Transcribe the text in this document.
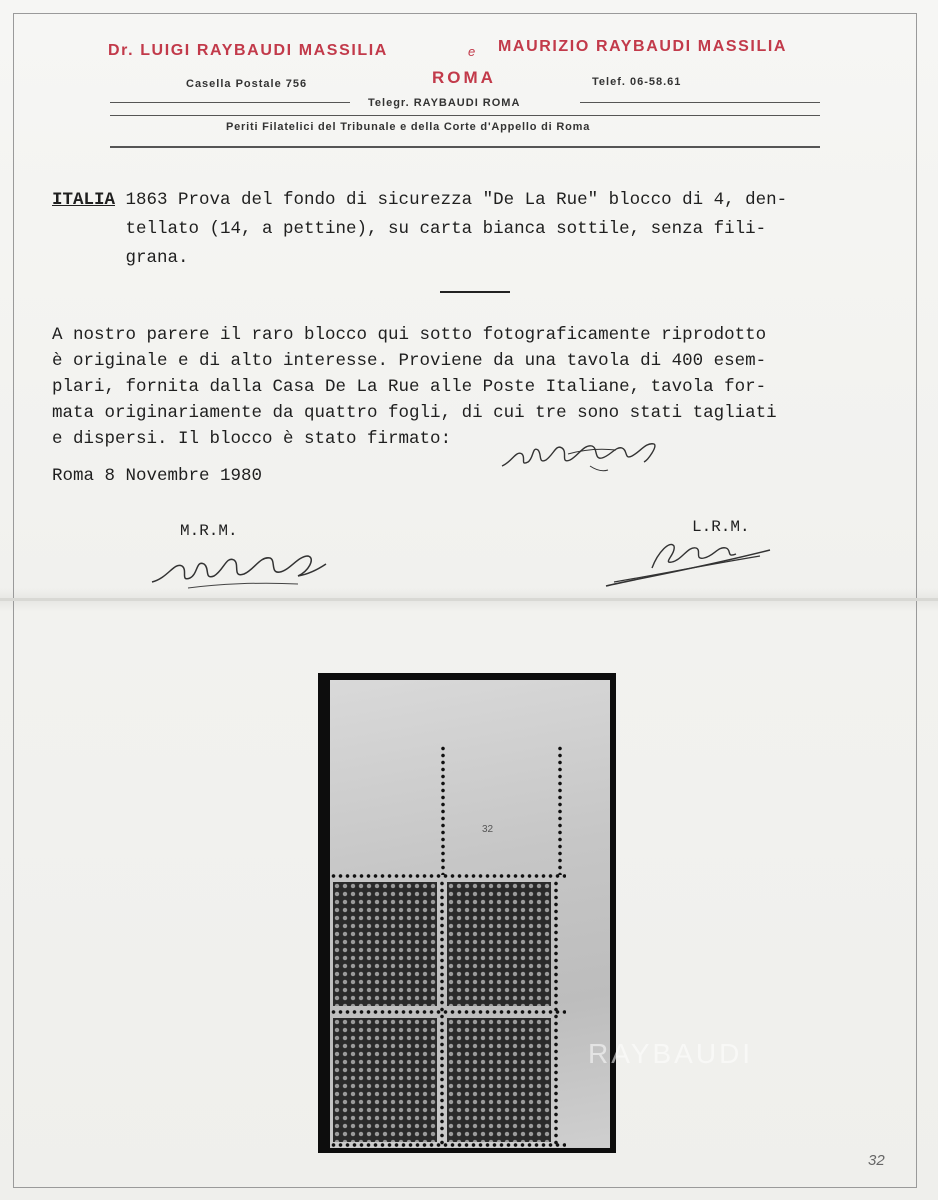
Dr. LUIGI RAYBAUDI MASSILIA	e MAURIZIO RAYBAUDI MASSILIA
ROMA
Casella Postale 756	Telef. 06-58.61
Telegr. RAYBAUDI ROMA
Periti Filatelici del Tribunale e della Corte d'Appello di Roma
ITALIA 1863 Prova del fondo di sicurezza "De La Rue" blocco di 4, den-
tellato (14, a pettine), su carta bianca sottile, senza fili-
grana.
A nostro parere il raro blocco qui sotto fotograficamente riprodotto
è originale e di alto interesse. Proviene da una tavola di 400 esem-
plari, fornita dalla Casa De La Rue alle Poste Italiane, tavola for-
mata originariamente da quattro fogli, di cui tre sono stati tagliati
e dispersi. Il blocco è stato firmato:
Roma 8 Novembre 1980
M.R.M.	L.R.M.
32
RAYBAUDI
32
